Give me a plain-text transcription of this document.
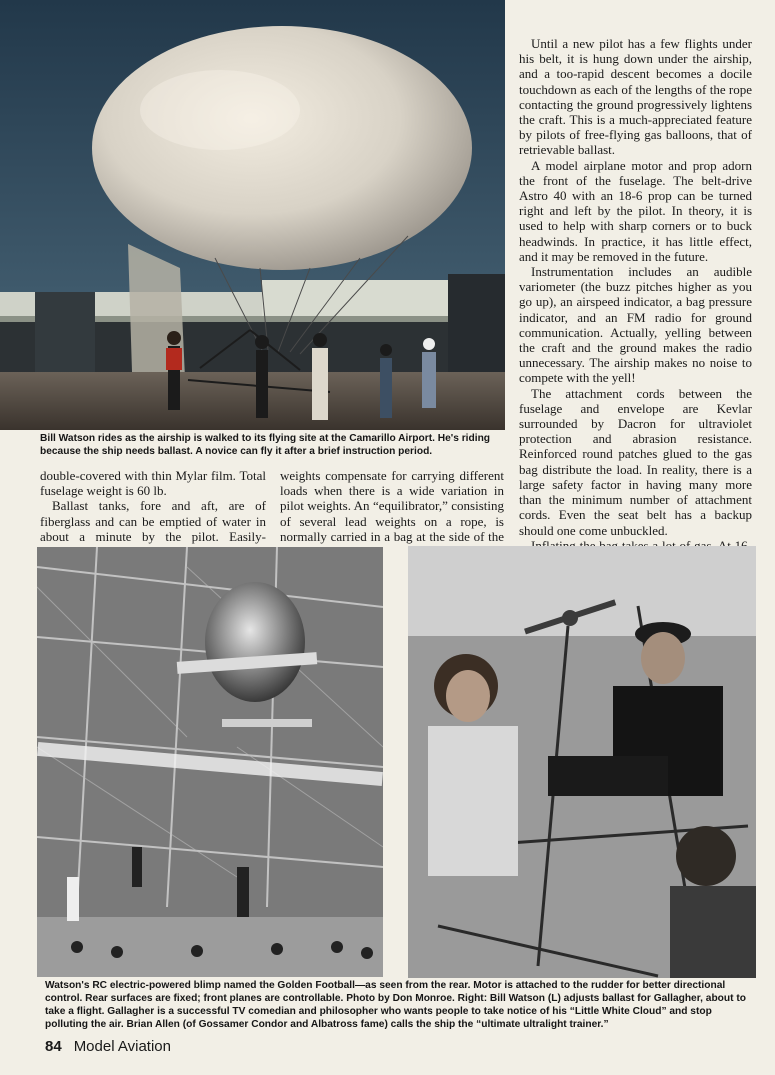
Bill Watson rides as the airship is walked to its flying site at the Camarillo Airport. He's riding because the ship needs ballast. A novice can fly it after a brief instruction period.

Until a new pilot has a few flights under his belt, it is hung down under the airship, and a too-rapid descent becomes a docile touchdown as each of the lengths of the rope contacting the ground progressively lightens the craft. This is a much-appreciated feature by pilots of free-flying gas balloons, that of retrievable ballast.

A model airplane motor and prop adorn the front of the fuselage. The belt-drive Astro 40 with an 18-6 prop can be turned right and left by the pilot. In theory, it is used to help with sharp corners or to buck headwinds. In practice, it has little effect, and it may be removed in the future.

Instrumentation includes an audible variometer (the buzz pitches higher as you go up), an airspeed indicator, a bag pressure indicator, and an FM radio for ground communication. Actually, yelling between the craft and the ground makes the radio unnecessary. The airship makes no noise to compete with the yell!

The attachment cords between the fuselage and envelope are Kevlar surrounded by Dacron for ultraviolet protection and abrasion resistance. Reinforced round patches glued to the gas bag distribute the load. In reality, there is a large safety factor in having many more than the minimum number of attachment cords. Even the seat belt has a backup should one come unbuckled.

double-covered with thin Mylar film. Total fuselage weight is 60 lb.

Ballast tanks, fore and aft, are of fiberglass and can be emptied of water in about a minute by the pilot. Easily-

weights compensate for carrying different loads when there is a wide variation in pilot weights. An “equilibrator,” consisting of several lead weights on a rope, is normally carried in a bag at the side of the

Watson's RC electric-powered blimp named the Golden Football—as seen from the rear. Motor is attached to the rudder for better directional control. Rear surfaces are fixed; front planes are controllable. Photo by Don Monroe. Right: Bill Watson (L) adjusts ballast for Gallagher, about to take a flight. Gallagher is a successful TV comedian and philosopher who wants people to take notice of his “Little White Cloud” and stop polluting the air. Brian Allen (of Gossamer Condor and Albatross fame) calls the ship the “ultimate ultralight trainer.”
84 Model Aviation
